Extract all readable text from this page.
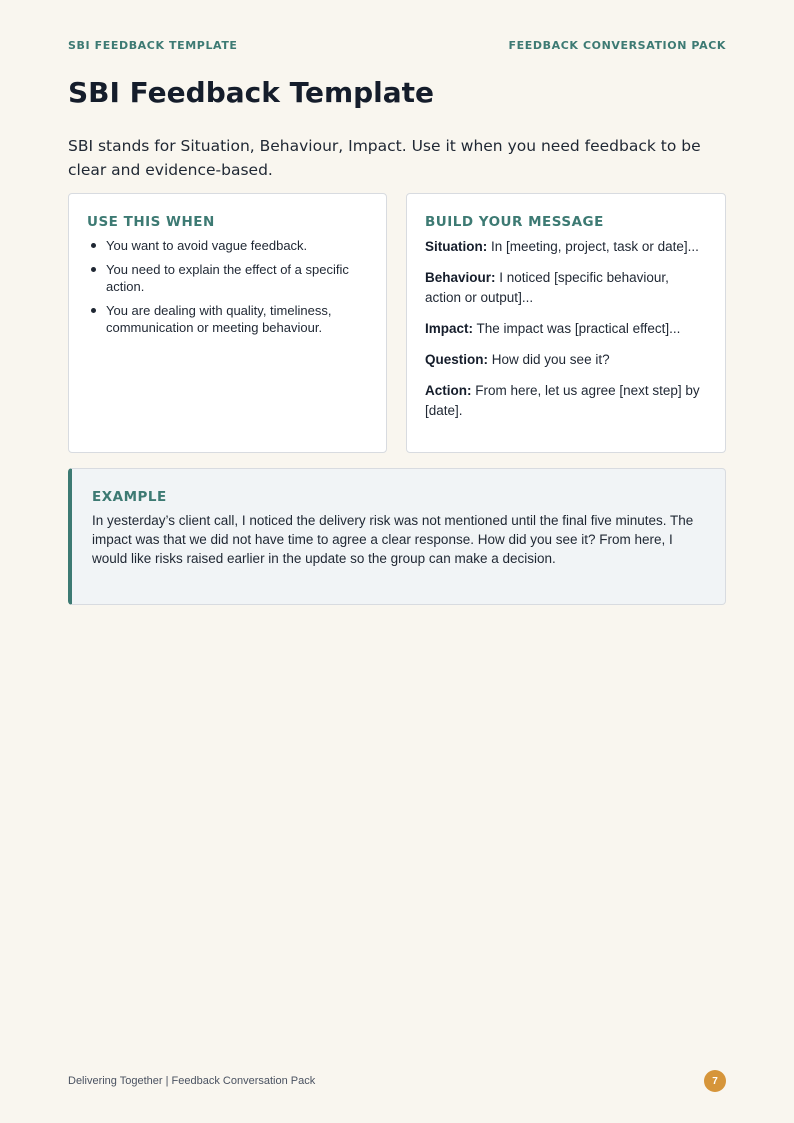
SBI FEEDBACK TEMPLATE	FEEDBACK CONVERSATION PACK
SBI Feedback Template

SBI stands for Situation, Behaviour, Impact. Use it when you need feedback to be clear and evidence-based.

USE THIS WHEN
You want to avoid vague feedback.
You need to explain the effect of a specific action.
You are dealing with quality, timeliness, communication or meeting behaviour.
BUILD YOUR MESSAGE
Situation: In [meeting, project, task or date]...
Behaviour: I noticed [specific behaviour, action or output]...
Impact: The impact was [practical effect]...
Question: How did you see it?
Action: From here, let us agree [next step] by [date].
EXAMPLE

In yesterday’s client call, I noticed the delivery risk was not mentioned until the final five minutes. The impact was that we did not have time to agree a clear response. How did you see it? From here, I would like risks raised earlier in the update so the group can make a decision.

Delivering Together | Feedback Conversation Pack	7
